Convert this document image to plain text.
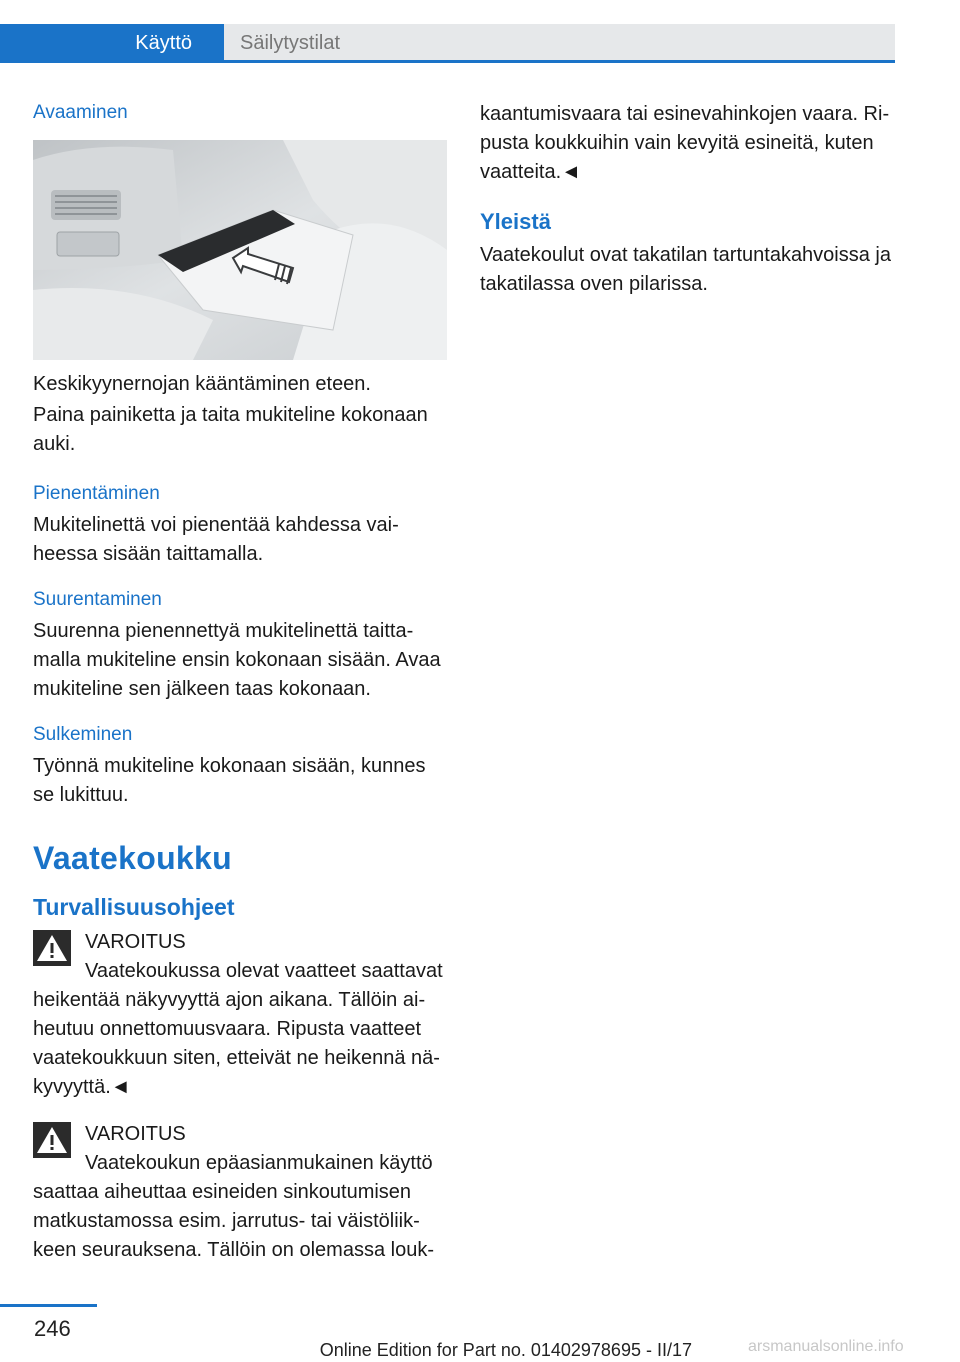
Käyttö	Säilytystilat
Avaaminen

Keskikyynernojan kääntäminen eteen.

Paina painiketta ja taita mukiteline kokonaan auki.

Pienentäminen

Mukitelinettä voi pienentää kahdessa vaiheessa sisään taittamalla.

Suurentaminen

Suurenna pienennettyä mukitelinettä taittamalla mukiteline ensin kokonaan sisään. Avaa mukiteline sen jälkeen taas kokonaan.

Sulkeminen

Työnnä mukiteline kokonaan sisään, kunnes se lukittuu.

Vaatekoukku
Turvallisuusohjeet

VAROITUS

Vaatekoukussa olevat vaatteet saattavat heikentää näkyvyyttä ajon aikana. Tällöin aiheutuu onnettomuusvaara. Ripusta vaatteet vaatekoukkuun siten, etteivät ne heikennä näkyvyyttä.◄

VAROITUS

Vaatekoukun epäasianmukainen käyttö saattaa aiheuttaa esineiden sinkoutumisen matkustamossa esim. jarrutus- tai väistöliikkeen seurauksena. Tällöin on olemassa louk-

kaantumisvaara tai esinevahinkojen vaara. Ripusta koukkuihin vain kevyitä esineitä, kuten vaatteita.◄

Yleistä

Vaatekoulut ovat takatilan tartuntakahvoissa ja takatilassa oven pilarissa.

246
Online Edition for Part no. 01402978695 - II/17	arsmanualsonline.info
